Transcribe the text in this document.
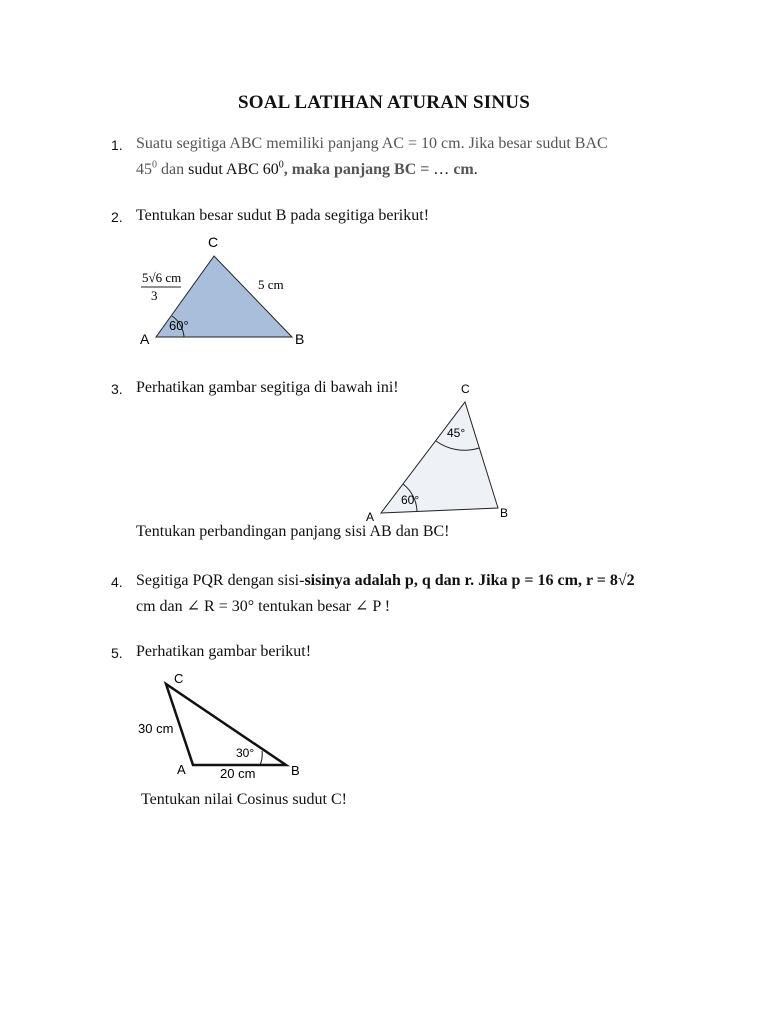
SOAL LATIHAN ATURAN SINUS
1. Suatu segitiga ABC memiliki panjang AC = 10 cm. Jika besar sudut BAC
$45^0$ dan sudut ABC $60^0$, maka panjang BC = … cm.
2. Tentukan besar sudut B pada segitiga berikut!
C
A	B
5√6 cm
3
5 cm
60°
3. Perhatikan gambar segitiga di bawah ini!	C
A	B
45°
60°
Tentukan perbandingan panjang sisi AB dan BC!
4. Segitiga PQR dengan sisi-sisinya adalah p, q dan r. Jika p = 16 cm, r = 8√2
cm dan ∠ R = 30° tentukan besar ∠ P !
5. Perhatikan gambar berikut!
C
A	B
30 cm
20 cm
30°
Tentukan nilai Cosinus sudut C!
